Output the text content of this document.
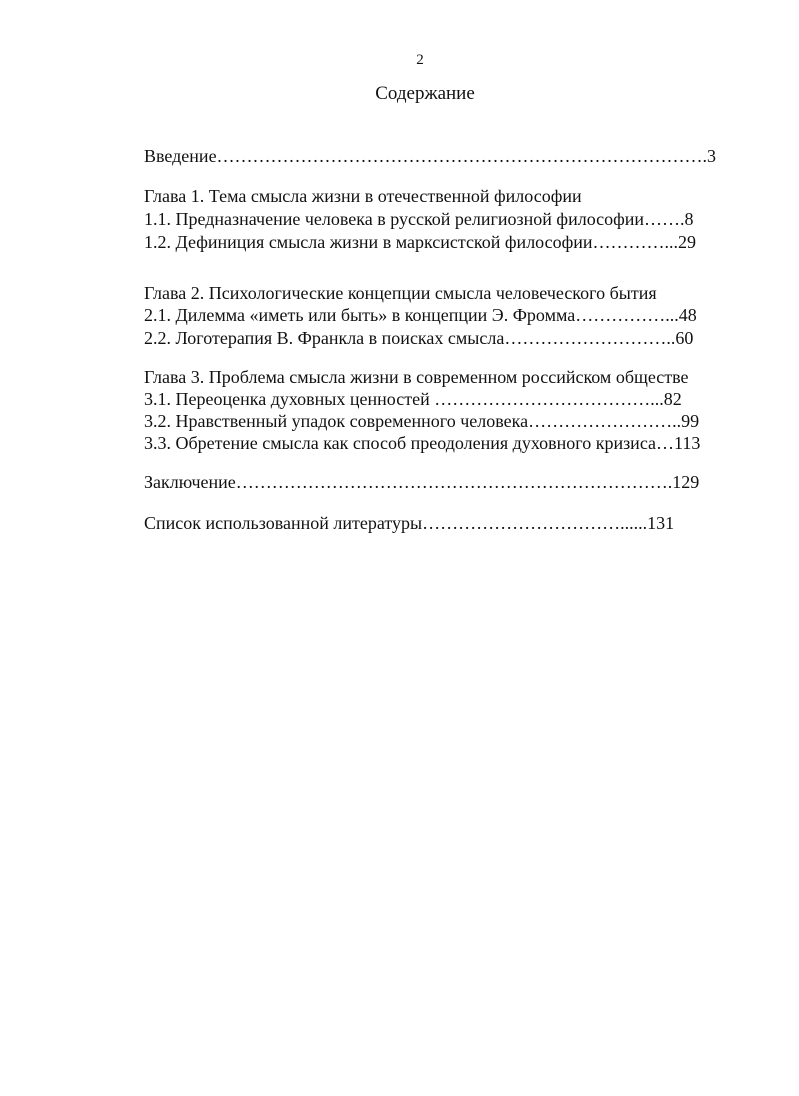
2
Содержание
Введение……………………………………………………………………….3
Глава 1. Тема смысла жизни в отечественной философии
1.1. Предназначение человека в русской религиозной философии…….8
1.2. Дефиниция смысла жизни в марксистской философии…………...29
Глава 2. Психологические концепции смысла человеческого бытия
2.1. Дилемма «иметь или быть» в концепции Э. Фромма……………...48
2.2. Логотерапия В. Франкла в поисках смысла………………………..60
Глава 3. Проблема смысла жизни в современном российском обществе
3.1. Переоценка духовных ценностей ………………………………...82
3.2. Нравственный упадок современного человека……………………..99
3.3. Обретение смысла как способ преодоления духовного кризиса…113
Заключение……………………………………………………………….129
Список использованной литературы……………………………......131
